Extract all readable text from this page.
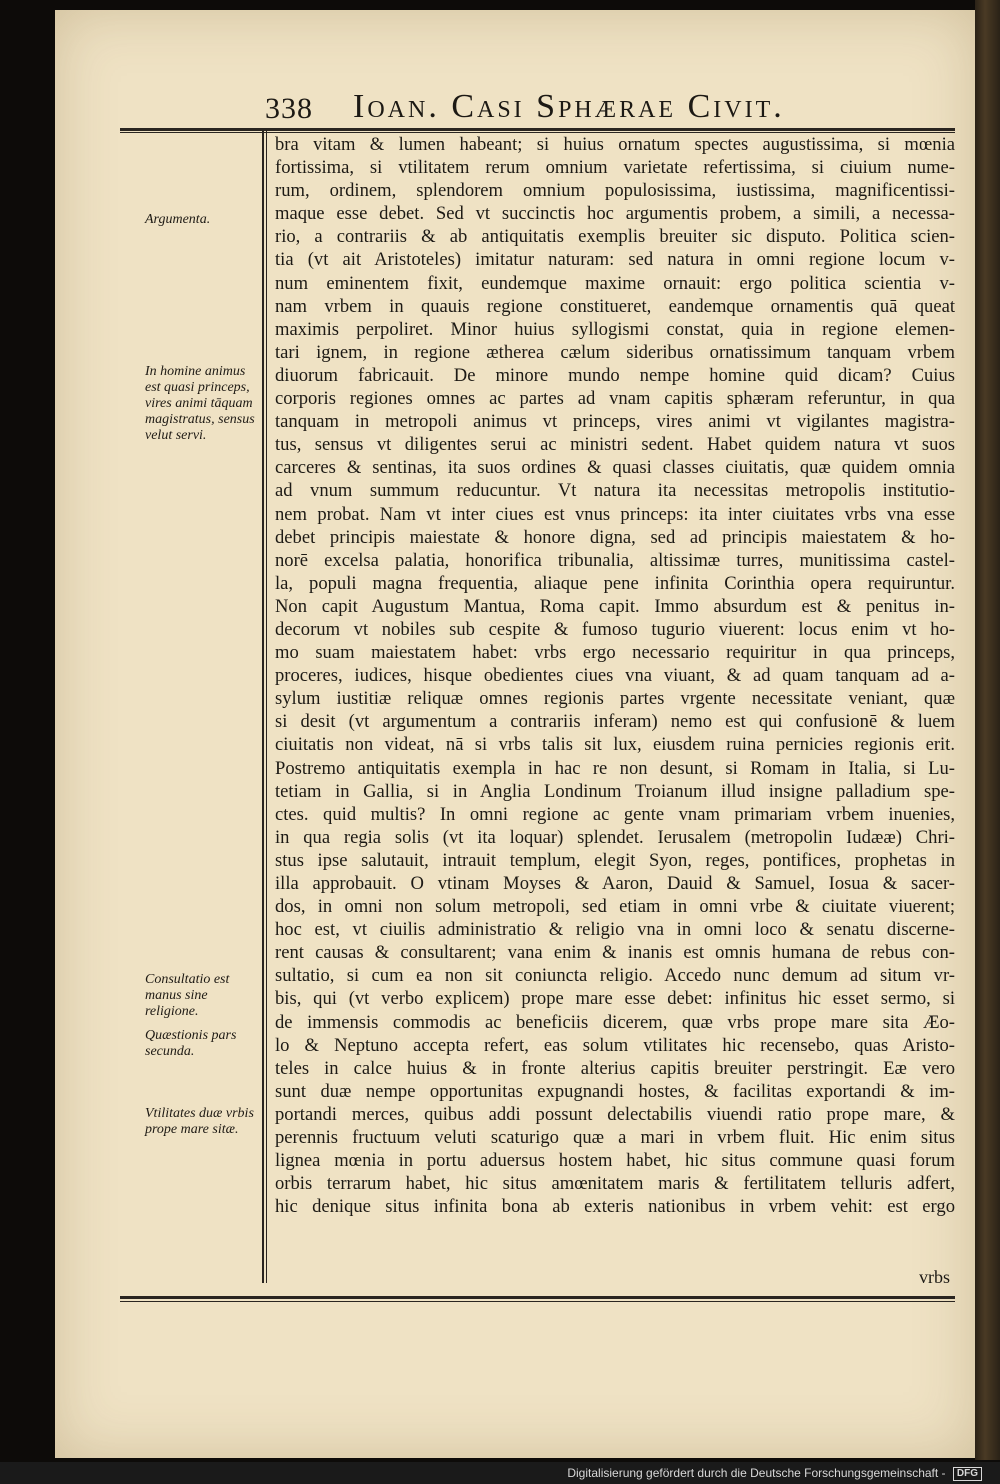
338 Ioan. Casi Sphærae Civit.
Argumenta.
In homine animus est quasi princeps, vires animi tāquam magistratus, sensus velut servi.
Consultatio est manus sine religione.
Quæstionis pars secunda.
Vtilitates duæ vrbis prope mare sitæ.
bra vitam & lumen habeant; si huius ornatum spectes augustissima, si mœnia
fortissima, si vtilitatem rerum omnium varietate refertissima, si ciuium nume-
rum, ordinem, splendorem omnium populosissima, iustissima, magnificentissi-
maque esse debet. Sed vt succinctis hoc argumentis probem, a simili, a necessa-
rio, a contrariis & ab antiquitatis exemplis breuiter sic disputo. Politica scien-
tia (vt ait Aristoteles) imitatur naturam: sed natura in omni regione locum v-
num eminentem fixit, eundemque maxime ornauit: ergo politica scientia v-
nam vrbem in quauis regione constitueret, eandemque ornamentis quā queat
maximis perpoliret. Minor huius syllogismi constat, quia in regione elemen-
tari ignem, in regione æthereа cælum sideribus ornatissimum tanquam vrbem
diuorum fabricauit. De minore mundo nempe homine quid dicam? Cuius
corporis regiones omnes ac partes ad vnam capitis sphæram referuntur, in qua
tanquam in metropoli animus vt princeps, vires animi vt vigilantes magistra-
tus, sensus vt diligentes serui ac ministri sedent. Habet quidem natura vt suos
carceres & sentinas, ita suos ordines & quasi classes ciuitatis, quæ quidem omnia
ad vnum summum reducuntur. Vt natura ita necessitas metropolis institutio-
nem probat. Nam vt inter ciues est vnus princeps: ita inter ciuitates vrbs vna esse
debet principis maiestate & honore digna, sed ad principis maiestatem & ho-
norē excelsa palatia, honorifica tribunalia, altissimæ turres, munitissima castel-
la, populi magna frequentia, aliaque pene infinita Corinthia opera requiruntur.
Non capit Augustum Mantua, Roma capit. Immo absurdum est & penitus in-
decorum vt nobiles sub cespite & fumoso tugurio viuerent: locus enim vt ho-
mo suam maiestatem habet: vrbs ergo necessario requiritur in qua princeps,
proceres, iudices, hisque obedientes ciues vna viuant, & ad quam tanquam ad a-
sylum iustitiæ reliquæ omnes regionis partes vrgente necessitate veniant, quæ
si desit (vt argumentum a contrariis inferam) nemo est qui confusionē & luem
ciuitatis non videat, nā si vrbs talis sit lux, eiusdem ruina pernicies regionis erit.
Postremo antiquitatis exempla in hac re non desunt, si Romam in Italia, si Lu-
tetiam in Gallia, si in Anglia Londinum Troianum illud insigne palladium spe-
ctes. quid multis? In omni regione ac gente vnam primariam vrbem inuenies,
in qua regia solis (vt ita loquar) splendet. Ierusalem (metropolin Iudææ) Chri-
stus ipse salutauit, intrauit templum, elegit Syon, reges, pontifices, prophetas in
illa approbauit. O vtinam Moyses & Aaron, Dauid & Samuel, Iosua & sacer-
dos, in omni non solum metropoli, sed etiam in omni vrbe & ciuitate viuerent;
hoc est, vt ciuilis administratio & religio vna in omni loco & senatu discerne-
rent causas & consultarent; vana enim & inanis est omnis humana de rebus con-
sultatio, si cum ea non sit coniuncta religio. Accedo nunc demum ad situm vr-
bis, qui (vt verbo explicem) prope mare esse debet: infinitus hic esset sermo, si
de immensis commodis ac beneficiis dicerem, quæ vrbs prope mare sita Æo-
lo & Neptuno accepta refert, eas solum vtilitates hic recensebo, quas Aristo-
teles in calce huius & in fronte alterius capitis breuiter perstringit. Eæ vero
sunt duæ nempe opportunitas expugnandi hostes, & facilitas exportandi & im-
portandi merces, quibus addi possunt delectabilis viuendi ratio prope mare, &
perennis fructuum veluti scaturigo quæ a mari in vrbem fluit. Hic enim situs
lignea mœnia in portu aduersus hostem habet, hic situs commune quasi forum
orbis terrarum habet, hic situs amœnitatem maris & fertilitatem telluris adfert,
hic denique situs infinita bona ab exteris nationibus in vrbem vehit: est ergo
vrbs
Digitalisierung gefördert durch die Deutsche Forschungsgemeinschaft - DFG
